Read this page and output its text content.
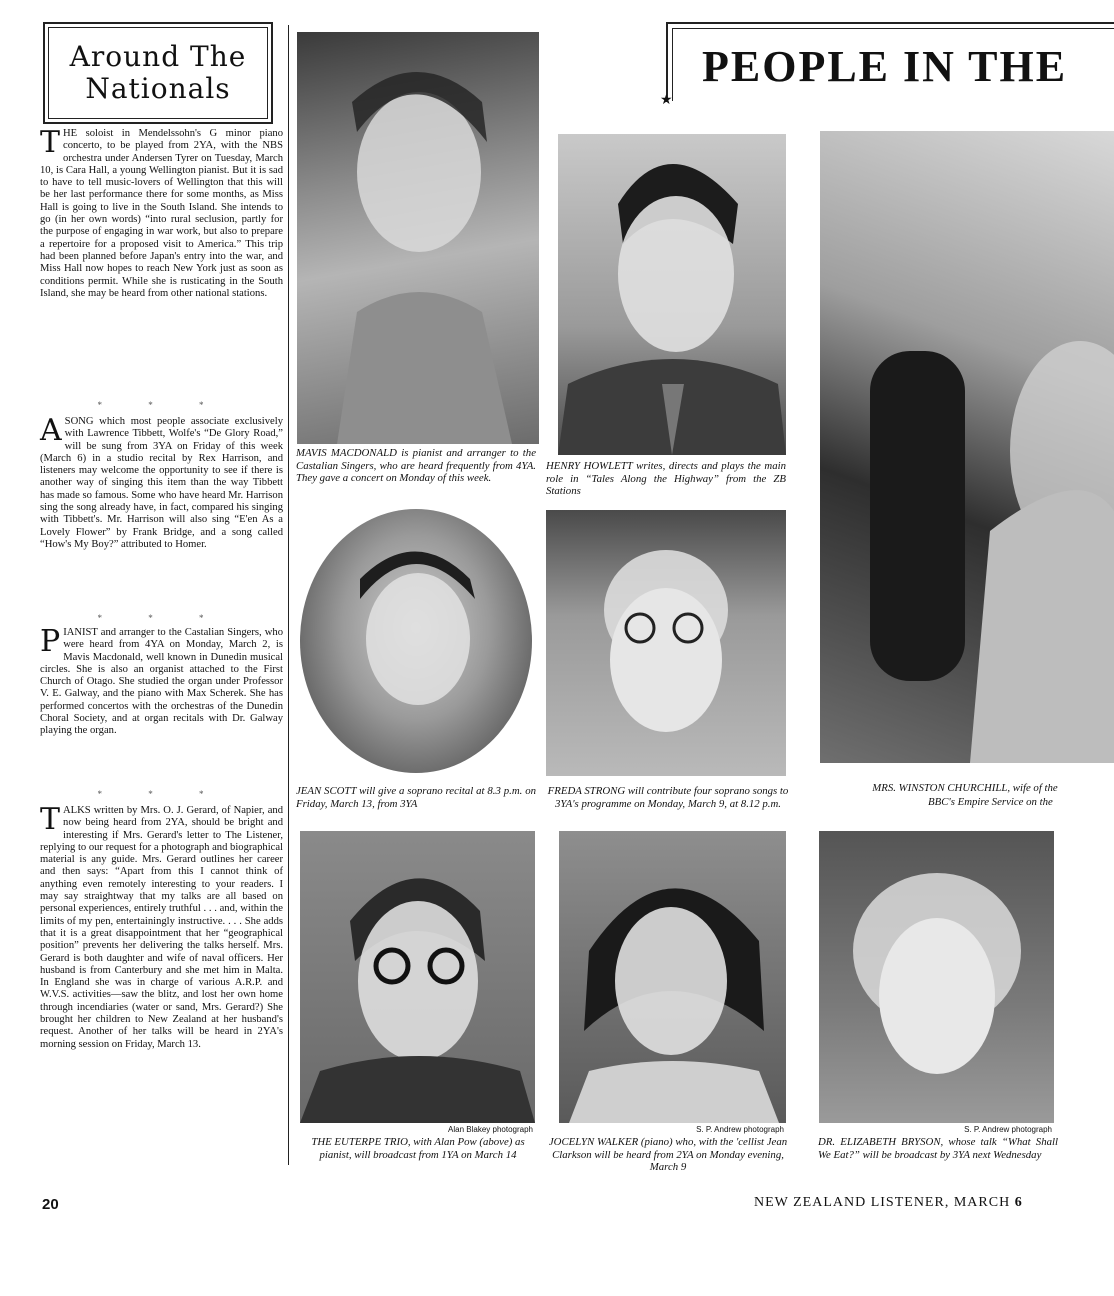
Around The
Nationals

THE soloist in Mendelssohn's G minor piano concerto, to be played from 2YA, with the NBS orchestra under Andersen Tyrer on Tuesday, March 10, is Cara Hall, a young Wellington pianist. But it is sad to have to tell music-lovers of Wellington that this will be her last performance there for some months, as Miss Hall is going to live in the South Island. She intends to go (in her own words) “into rural seclusion, partly for the purpose of engaging in war work, but also to prepare a repertoire for a proposed visit to America.” This trip had been planned before Japan's entry into the war, and Miss Hall now hopes to reach New York just as soon as conditions permit. While she is rusticating in the South Island, she may be heard from other national stations.

* * *

ASONG which most people associate exclusively with Lawrence Tibbett, Wolfe's “De Glory Road,” will be sung from 3YA on Friday of this week (March 6) in a studio recital by Rex Harrison, and listeners may welcome the opportunity to see if there is another way of singing this item than the way Tibbett has made so famous. Some who have heard Mr. Harrison sing the song already have, in fact, compared his singing with Tibbett's. Mr. Harrison will also sing “E'en As a Lovely Flower” by Frank Bridge, and a song called “How's My Boy?” attributed to Homer.

* * *

PIANIST and arranger to the Castalian Singers, who were heard from 4YA on Monday, March 2, is Mavis Macdonald, well known in Dunedin musical circles. She is also an organist attached to the First Church of Otago. She studied the organ under Professor V. E. Galway, and the piano with Max Scherek. She has performed concertos with the orchestras of the Dunedin Choral Society, and at organ recitals with Dr. Galway playing the organ.

* * *

TALKS written by Mrs. O. J. Gerard, of Napier, and now being heard from 2YA, should be bright and interesting if Mrs. Gerard's letter to The Listener, replying to our request for a photograph and biographical material is any guide. Mrs. Gerard outlines her career and then says: “Apart from this I cannot think of anything even remotely interesting to your readers. I may say straightway that my talks are all based on personal experiences, entirely truthful . . . and, within the limits of my pen, entertainingly instructive. . . . She adds that it is a great disappointment that her “geographical position” prevents her delivering the talks herself. Mrs. Gerard is both daughter and wife of naval officers. Her husband is from Canterbury and she met him in Malta. In England she was in charge of various A.R.P. and W.V.S. activities—saw the blitz, and lost her own home through incendiaries (water or sand, Mrs. Gerard?) She brought her children to New Zealand at her husband's request. Another of her talks will be heard in 2YA's morning session on Friday, March 13.

PEOPLE IN THE
★
MAVIS MACDONALD is pianist and arranger to the Castalian Singers, who are heard frequently from 4YA. They gave a concert on Monday of this week.
HENRY HOWLETT writes, directs and plays the main role in “Tales Along the Highway” from the ZB Stations
MRS. WINSTON CHURCHILL, wife of the
BBC's Empire Service on the
JEAN SCOTT will give a soprano recital at 8.3 p.m. on Friday, March 13, from 3YA
FREDA STRONG will contribute four soprano songs to 3YA's programme on Monday, March 9, at 8.12 p.m.
Alan Blakey photograph
THE EUTERPE TRIO, with Alan Pow (above) as pianist, will broadcast from 1YA on March 14
S. P. Andrew photograph
JOCELYN WALKER (piano) who, with the 'cellist Jean Clarkson will be heard from 2YA on Monday evening, March 9
S. P. Andrew photograph
DR. ELIZABETH BRYSON, whose talk “What Shall We Eat?” will be broadcast by 3YA next Wednesday
20	NEW ZEALAND LISTENER, MARCH 6
